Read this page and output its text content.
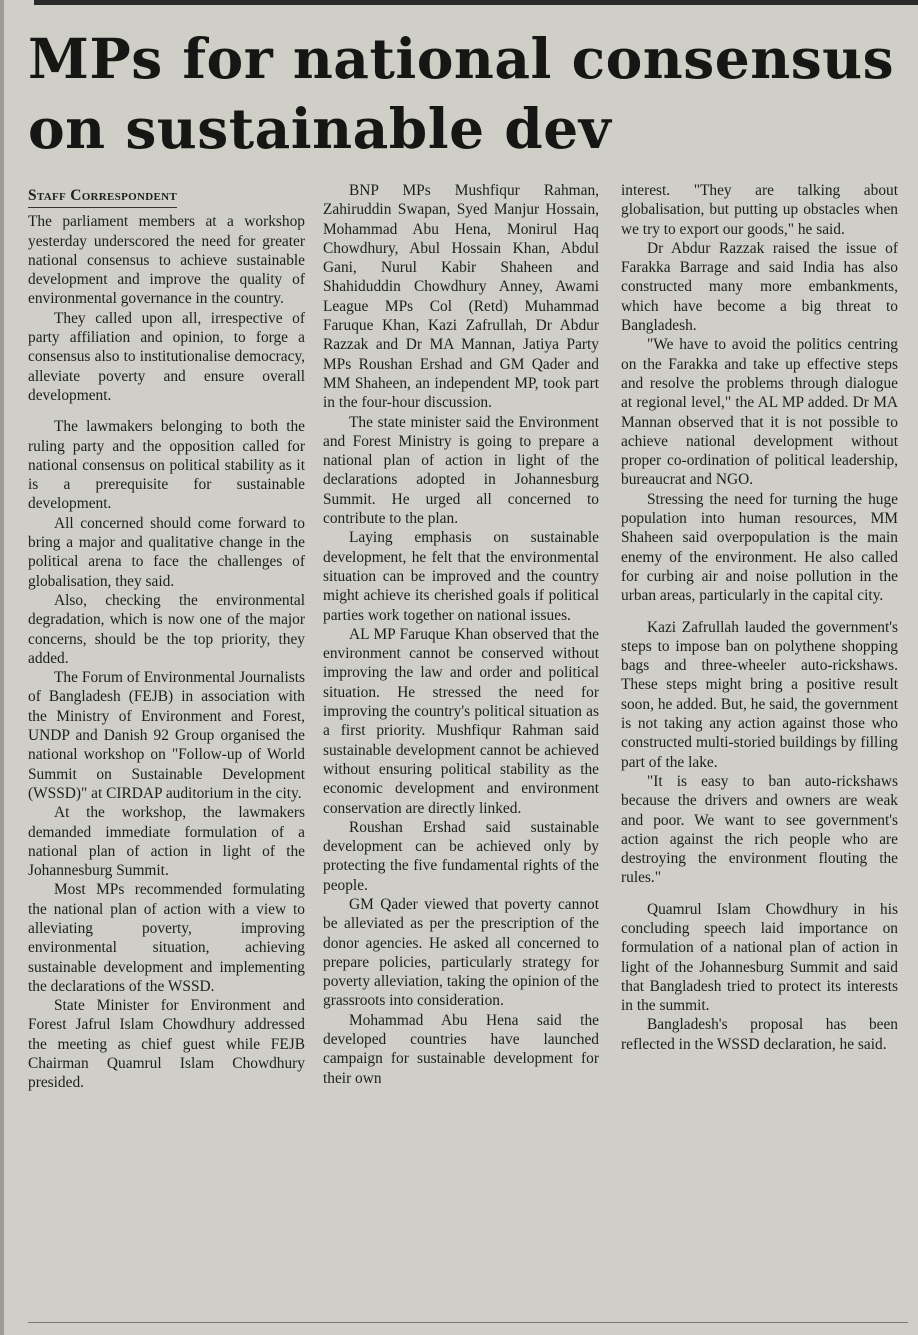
MPs for national consensus on sustainable dev
Staff Correspondent

The parliament members at a workshop yesterday underscored the need for greater national consensus to achieve sustainable development and improve the quality of environmental governance in the country.

They called upon all, irrespective of party affiliation and opinion, to forge a consensus also to institutionalise democracy, alleviate poverty and ensure overall development.

The lawmakers belonging to both the ruling party and the opposition called for national consensus on political stability as it is a prerequisite for sustainable development.

All concerned should come forward to bring a major and qualitative change in the political arena to face the challenges of globalisation, they said.

Also, checking the environmental degradation, which is now one of the major concerns, should be the top priority, they added.

The Forum of Environmental Journalists of Bangladesh (FEJB) in association with the Ministry of Environment and Forest, UNDP and Danish 92 Group organised the national workshop on "Follow-up of World Summit on Sustainable Development (WSSD)" at CIRDAP auditorium in the city.

At the workshop, the lawmakers demanded immediate formulation of a national plan of action in light of the Johannesburg Summit.

Most MPs recommended formulating the national plan of action with a view to alleviating poverty, improving environmental situation, achieving sustainable development and implementing the declarations of the WSSD.

State Minister for Environment and Forest Jafrul Islam Chowdhury addressed the meeting as chief guest while FEJB Chairman Quamrul Islam Chowdhury presided.

BNP MPs Mushfiqur Rahman, Zahiruddin Swapan, Syed Manjur Hossain, Mohammad Abu Hena, Monirul Haq Chowdhury, Abul Hossain Khan, Abdul Gani, Nurul Kabir Shaheen and Shahiduddin Chowdhury Anney, Awami League MPs Col (Retd) Muhammad Faruque Khan, Kazi Zafrullah, Dr Abdur Razzak and Dr MA Mannan, Jatiya Party MPs Roushan Ershad and GM Qader and MM Shaheen, an independent MP, took part in the four-hour discussion.

The state minister said the Environment and Forest Ministry is going to prepare a national plan of action in light of the declarations adopted in Johannesburg Summit. He urged all concerned to contribute to the plan.

Laying emphasis on sustainable development, he felt that the environmental situation can be improved and the country might achieve its cherished goals if political parties work together on national issues.

AL MP Faruque Khan observed that the environment cannot be conserved without improving the law and order and political situation. He stressed the need for improving the country's political situation as a first priority. Mushfiqur Rahman said sustainable development cannot be achieved without ensuring political stability as the economic development and environment conservation are directly linked.

Roushan Ershad said sustainable development can be achieved only by protecting the five fundamental rights of the people.

GM Qader viewed that poverty cannot be alleviated as per the prescription of the donor agencies. He asked all concerned to prepare policies, particularly strategy for poverty alleviation, taking the opinion of the grassroots into consideration.

Mohammad Abu Hena said the developed countries have launched campaign for sustainable development for their own

interest. "They are talking about globalisation, but putting up obstacles when we try to export our goods," he said.

Dr Abdur Razzak raised the issue of Farakka Barrage and said India has also constructed many more embankments, which have become a big threat to Bangladesh.

"We have to avoid the politics centring on the Farakka and take up effective steps and resolve the problems through dialogue at regional level," the AL MP added. Dr MA Mannan observed that it is not possible to achieve national development without proper co-ordination of political leadership, bureaucrat and NGO.

Stressing the need for turning the huge population into human resources, MM Shaheen said overpopulation is the main enemy of the environment. He also called for curbing air and noise pollution in the urban areas, particularly in the capital city.

Kazi Zafrullah lauded the government's steps to impose ban on polythene shopping bags and three-wheeler auto-rickshaws. These steps might bring a positive result soon, he added. But, he said, the government is not taking any action against those who constructed multi-storied buildings by filling part of the lake.

"It is easy to ban auto-rickshaws because the drivers and owners are weak and poor. We want to see government's action against the rich people who are destroying the environment flouting the rules."

Quamrul Islam Chowdhury in his concluding speech laid importance on formulation of a national plan of action in light of the Johannesburg Summit and said that Bangladesh tried to protect its interests in the summit.

Bangladesh's proposal has been reflected in the WSSD declaration, he said.
